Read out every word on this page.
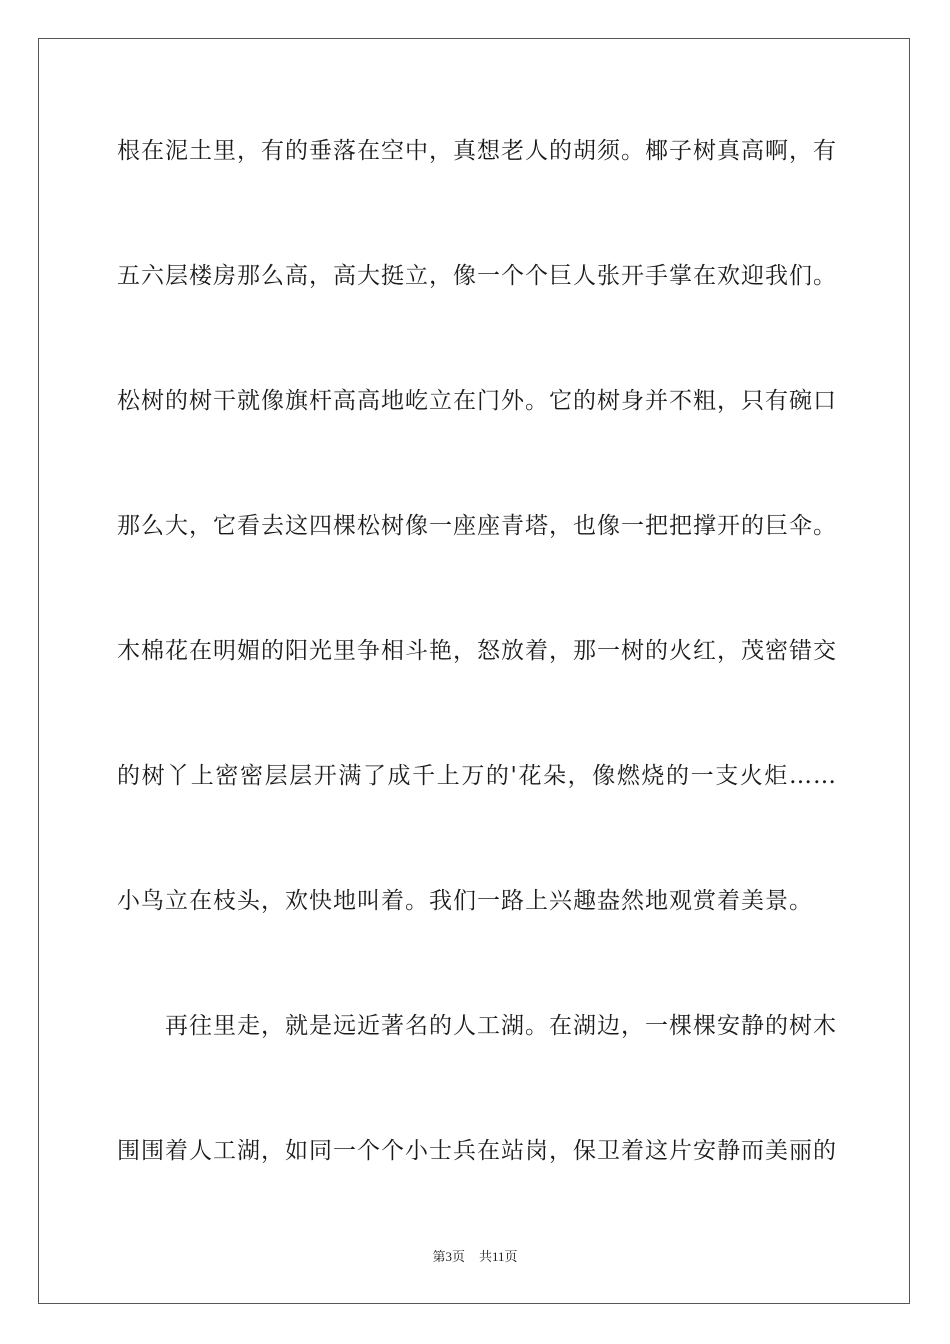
根在泥土里，有的垂落在空中，真想老人的胡须。椰子树真高啊，有
五六层楼房那么高，高大挺立，像一个个巨人张开手掌在欢迎我们。
松树的树干就像旗杆高高地屹立在门外。它的树身并不粗，只有碗口
那么大，它看去这四棵松树像一座座青塔，也像一把把撑开的巨伞。
木棉花在明媚的阳光里争相斗艳，怒放着，那一树的火红，茂密错交
的树丫上密密层层开满了成千上万的'花朵，像燃烧的一支火炬……
小鸟立在枝头，欢快地叫着。我们一路上兴趣盎然地观赏着美景。
　　再往里走，就是远近著名的人工湖。在湖边，一棵棵安静的树木
围围着人工湖，如同一个个小士兵在站岗，保卫着这片安静而美丽的
第3页 共11页
